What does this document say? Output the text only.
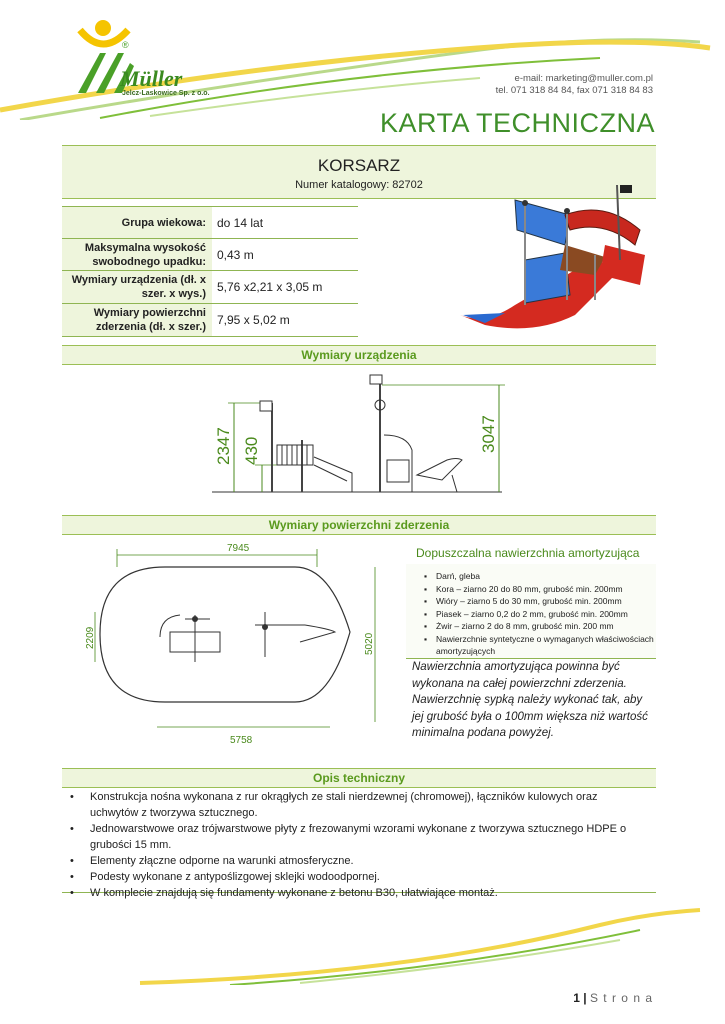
®
Müller
Jelcz-Laskowice Sp. z o.o.
e-mail: marketing@muller.com.pl
tel. 071 318 84 84, fax 071 318 84 83
KARTA TECHNICZNA
KORSARZ
Numer katalogowy: 82702
Grupa wiekowa: do 14 lat
Maksymalna wysokość swobodnego upadku: 0,43 m
Wymiary urządzenia (dł. x szer. x wys.) 5,76 x2,21 x 3,05 m
Wymiary powierzchni zderzenia (dł. x szer.) 7,95 x 5,02 m
Wymiary urządzenia
2347 430	3047
Wymiary powierzchni zderzenia
7945
2209	5020
5758
Dopuszczalna nawierzchnia amortyzująca
▪ Darń, gleba
▪ Kora – ziarno 20 do 80 mm, grubość min. 200mm
▪ Wióry – ziarno 5 do 30 mm, grubość min. 200mm
▪ Piasek – ziarno 0,2 do 2 mm, grubość min. 200mm
▪ Żwir – ziarno 2 do 8 mm, grubość min. 200 mm
▪ Nawierzchnie syntetyczne o wymaganych właściwościach amortyzujących
Nawierzchnia amortyzująca powinna być wykonana na całej powierzchni zderzenia. Nawierzchnię sypką należy wykonać tak, aby jej grubość była o 100mm większa niż wartość minimalna podana powyżej.
Opis techniczny
• Konstrukcja nośna wykonana z rur okrągłych ze stali nierdzewnej (chromowej), łączników kulowych oraz uchwytów z tworzywa sztucznego.
• Jednowarstwowe oraz trójwarstwowe płyty z frezowanymi wzorami wykonane z tworzywa sztucznego HDPE o grubości 15 mm.
• Elementy złączne odporne na warunki atmosferyczne.
• Podesty wykonane z antypoślizgowej sklejki wodoodpornej.
• W komplecie znajdują się fundamenty wykonane z betonu B30, ułatwiające montaż.
1 | S t r o n a
